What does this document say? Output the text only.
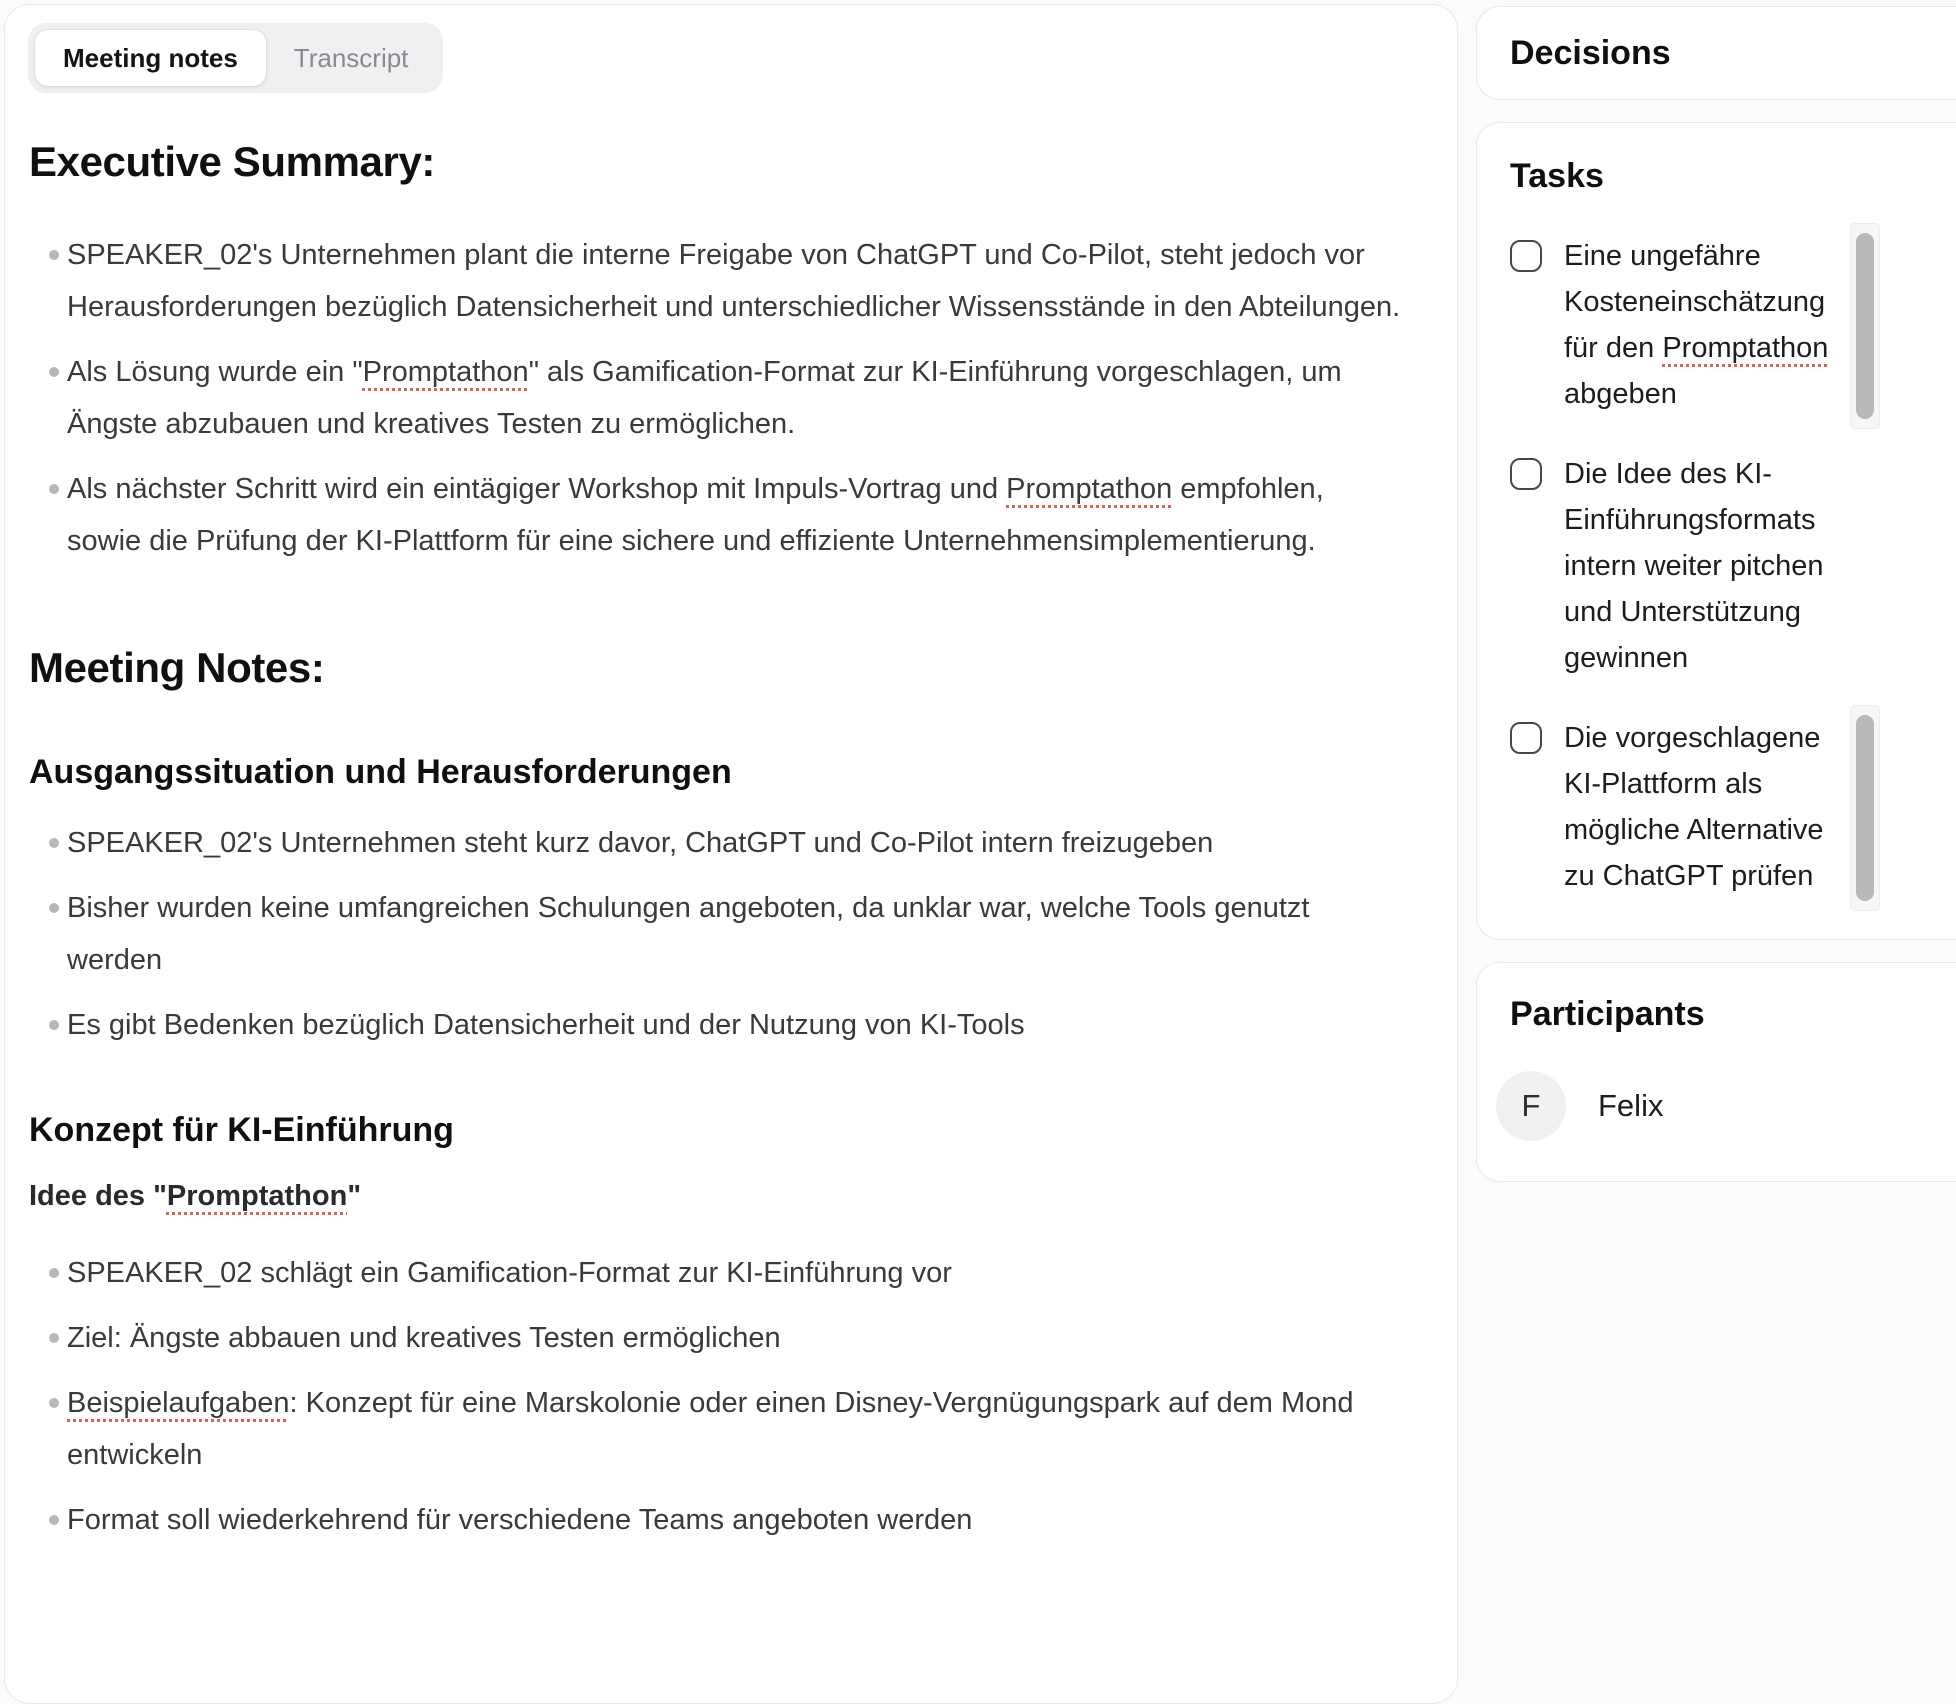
Meeting notes	Transcript
Executive Summary:
SPEAKER_02's Unternehmen plant die interne Freigabe von ChatGPT und Co-Pilot, steht jedoch vor Herausforderungen bezüglich Datensicherheit und unterschiedlicher Wissensstände in den Abteilungen.
Als Lösung wurde ein "Promptathon" als Gamification-Format zur KI-Einführung vorgeschlagen, um Ängste abzubauen und kreatives Testen zu ermöglichen.
Als nächster Schritt wird ein eintägiger Workshop mit Impuls-Vortrag und Promptathon empfohlen, sowie die Prüfung der KI-Plattform für eine sichere und effiziente Unternehmensimplementierung.
Meeting Notes:
Ausgangssituation und Herausforderungen
SPEAKER_02's Unternehmen steht kurz davor, ChatGPT und Co-Pilot intern freizugeben
Bisher wurden keine umfangreichen Schulungen angeboten, da unklar war, welche Tools genutzt werden
Es gibt Bedenken bezüglich Datensicherheit und der Nutzung von KI-Tools
Konzept für KI-Einführung
Idee des "Promptathon"
SPEAKER_02 schlägt ein Gamification-Format zur KI-Einführung vor
Ziel: Ängste abbauen und kreatives Testen ermöglichen
Beispielaufgaben: Konzept für eine Marskolonie oder einen Disney-Vergnügungspark auf dem Mond entwickeln
Format soll wiederkehrend für verschiedene Teams angeboten werden
Decisions
Tasks
Eine ungefähre Kosteneinschätzung für den Promptathon abgeben
Die Idee des KI-Einführungsformats intern weiter pitchen und Unterstützung gewinnen
Die vorgeschlagene KI-Plattform als mögliche Alternative zu ChatGPT prüfen
Participants
F	Felix
